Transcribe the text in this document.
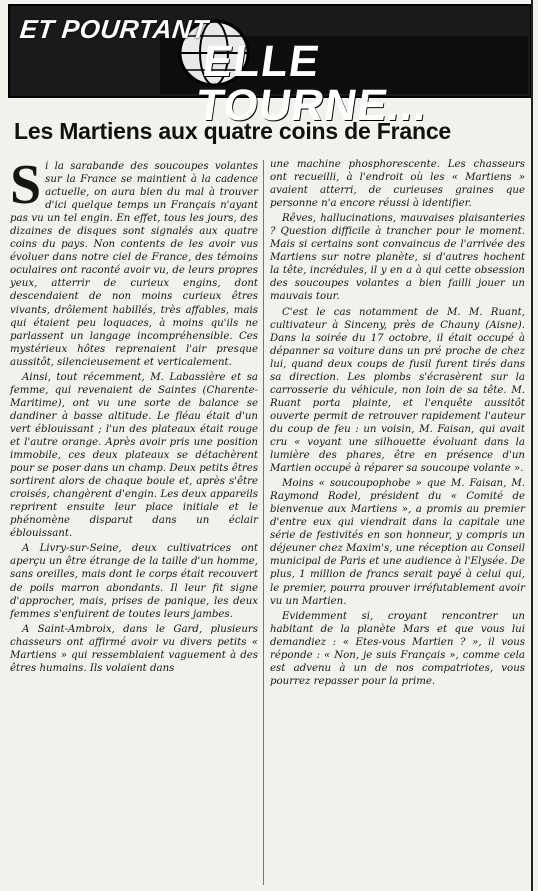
ET POURTANT
ELLE TOURNE...
Les Martiens aux quatre coins de France

Si la sarabande des soucoupes volantes sur la France se maintient à la cadence actuelle, on aura bien du mal à trouver d'ici quelque temps un Français n'ayant pas vu un tel engin. En effet, tous les jours, des dizaines de disques sont signalés aux quatre coins du pays. Non contents de les avoir vus évoluer dans notre ciel de France, des témoins oculaires ont raconté avoir vu, de leurs propres yeux, atterrir de curieux engins, dont descendaient de non moins curieux êtres vivants, drôlement habillés, très affables, mais qui étaient peu loquaces, à moins qu'ils ne parlassent un langage incompréhensible. Ces mystérieux hôtes reprenaient l'air presque aussitôt, silencieusement et verticalement.

Ainsi, tout récemment, M. Labassière et sa femme, qui revenaient de Saintes (Charente-Maritime), ont vu une sorte de balance se dandiner à basse altitude. Le fléau était d'un vert éblouissant ; l'un des plateaux était rouge et l'autre orange. Après avoir pris une position immobile, ces deux plateaux se détachèrent pour se poser dans un champ. Deux petits êtres sortirent alors de chaque boule et, après s'être croisés, changèrent d'engin. Les deux appareils reprirent ensuite leur place initiale et le phénomène disparut dans un éclair éblouissant.

A Livry-sur-Seine, deux cultivatrices ont aperçu un être étrange de la taille d'un homme, sans oreilles, mais dont le corps était recouvert de poils marron abondants. Il leur fit signe d'approcher, mais, prises de panique, les deux femmes s'enfuirent de toutes leurs jambes.

A Saint-Ambroix, dans le Gard, plusieurs chasseurs ont affirmé avoir vu divers petits « Martiens » qui ressemblaient vaguement à des êtres humains. Ils volaient dans

une machine phosphorescente. Les chasseurs ont recueilli, à l'endroit où les « Martiens » avaient atterri, de curieuses graines que personne n'a encore réussi à identifier.

Rêves, hallucinations, mauvaises plaisanteries ? Question difficile à trancher pour le moment. Mais si certains sont convaincus de l'arrivée des Martiens sur notre planète, si d'autres hochent la tête, incrédules, il y en a à qui cette obsession des soucoupes volantes a bien failli jouer un mauvais tour.

C'est le cas notamment de M. M. Ruant, cultivateur à Sinceny, près de Chauny (Aisne). Dans la soirée du 17 octobre, il était occupé à dépanner sa voiture dans un pré proche de chez lui, quand deux coups de fusil furent tirés dans sa direction. Les plombs s'écrasèrent sur la carrosserie du véhicule, non loin de sa tête. M. Ruant porta plainte, et l'enquête aussitôt ouverte permit de retrouver rapidement l'auteur du coup de feu : un voisin, M. Faisan, qui avait cru « voyant une silhouette évoluant dans la lumière des phares, être en présence d'un Martien occupé à réparer sa soucoupe volante ».

Moins « soucoupophobe » que M. Faisan, M. Raymond Rodel, président du « Comité de bienvenue aux Martiens », a promis au premier d'entre eux qui viendrait dans la capitale une série de festivités en son honneur, y compris un déjeuner chez Maxim's, une réception au Conseil municipal de Paris et une audience à l'Elysée. De plus, 1 million de francs serait payé à celui qui, le premier, pourra prouver irréfutablement avoir vu un Martien.

Evidemment si, croyant rencontrer un habitant de la planète Mars et que vous lui demandiez : « Etes-vous Martien ? », il vous réponde : « Non, je suis Français », comme cela est advenu à un de nos compatriotes, vous pourrez repasser pour la prime.
